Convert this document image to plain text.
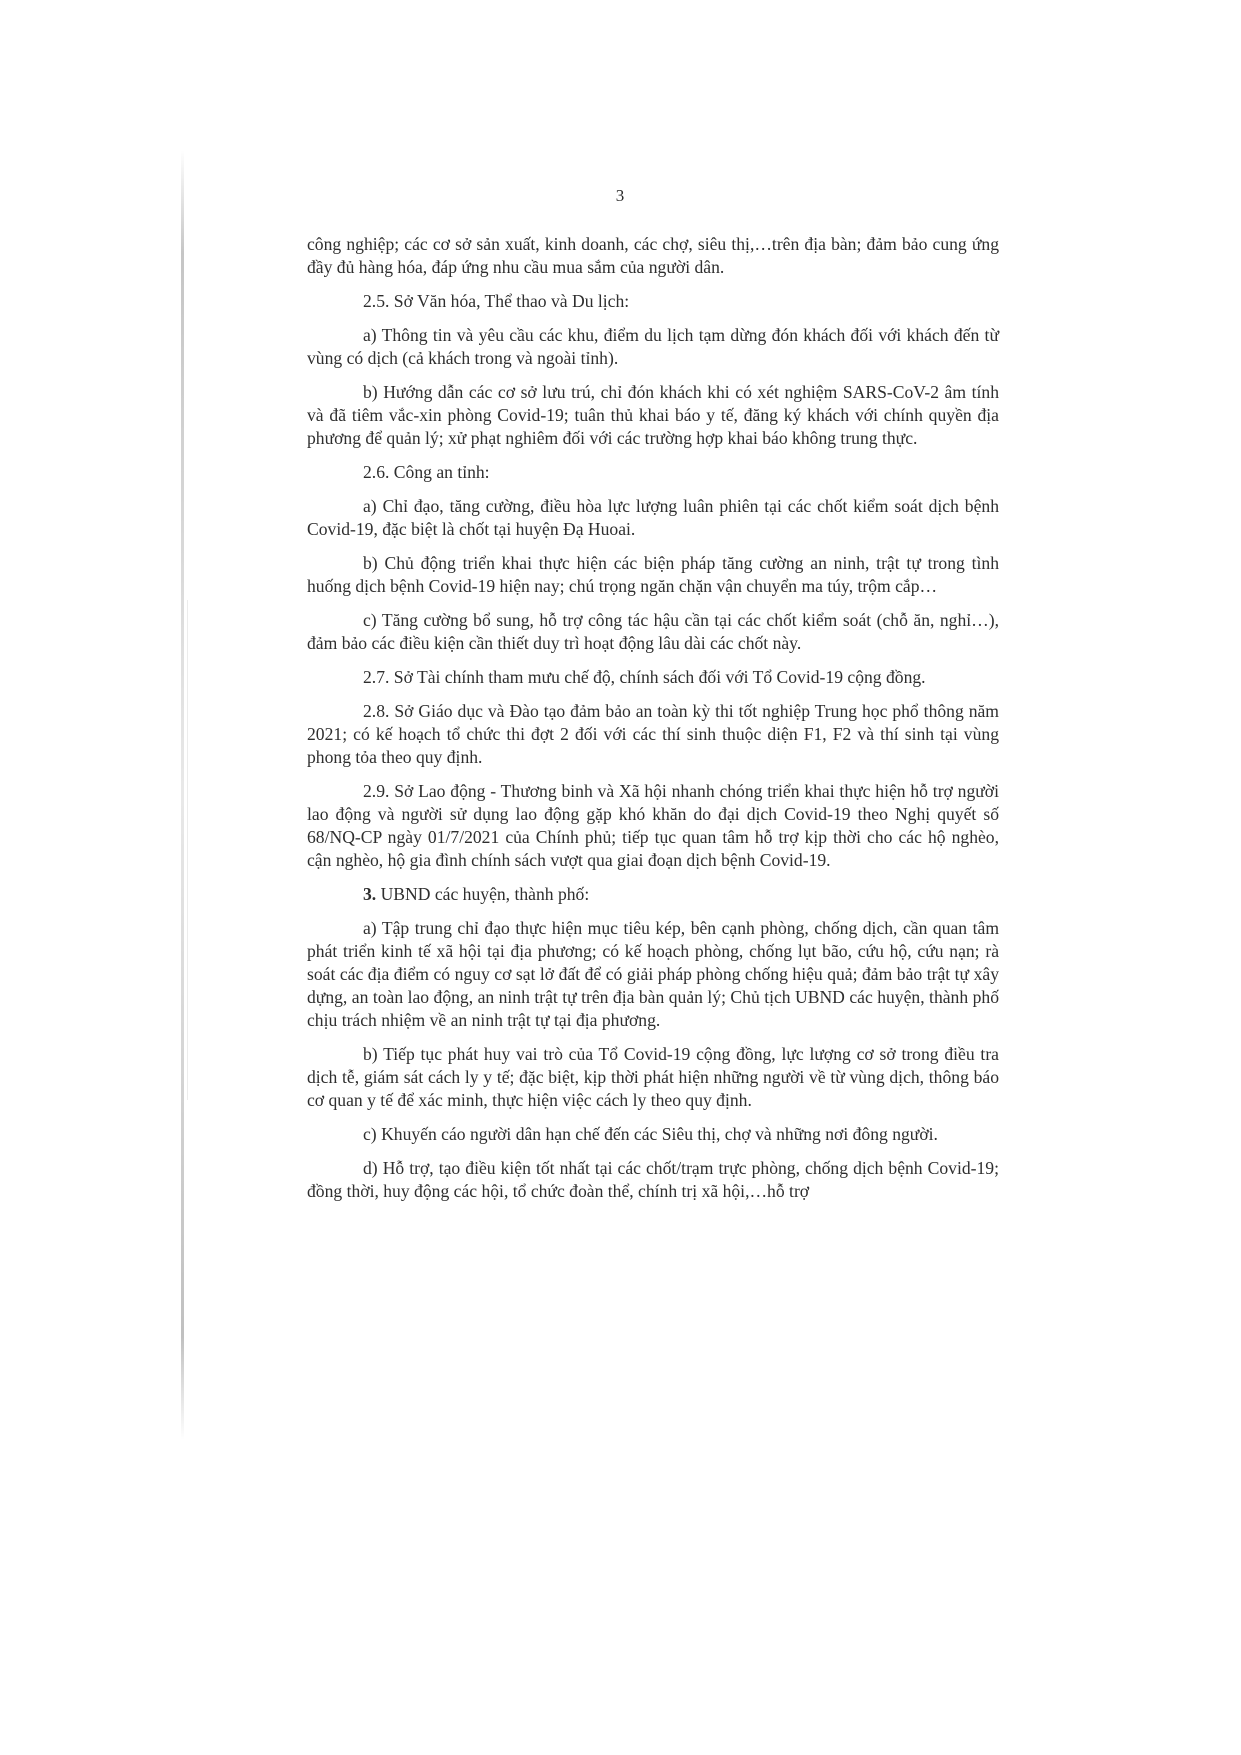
3

công nghiệp; các cơ sở sản xuất, kinh doanh, các chợ, siêu thị,…trên địa bàn; đảm bảo cung ứng đầy đủ hàng hóa, đáp ứng nhu cầu mua sắm của người dân.

2.5. Sở Văn hóa, Thể thao và Du lịch:

a) Thông tin và yêu cầu các khu, điểm du lịch tạm dừng đón khách đối với khách đến từ vùng có dịch (cả khách trong và ngoài tỉnh).

b) Hướng dẫn các cơ sở lưu trú, chỉ đón khách khi có xét nghiệm SARS-CoV-2 âm tính và đã tiêm vắc-xin phòng Covid-19; tuân thủ khai báo y tế, đăng ký khách với chính quyền địa phương để quản lý; xử phạt nghiêm đối với các trường hợp khai báo không trung thực.

2.6. Công an tỉnh:

a) Chỉ đạo, tăng cường, điều hòa lực lượng luân phiên tại các chốt kiểm soát dịch bệnh Covid-19, đặc biệt là chốt tại huyện Đạ Huoai.

b) Chủ động triển khai thực hiện các biện pháp tăng cường an ninh, trật tự trong tình huống dịch bệnh Covid-19 hiện nay; chú trọng ngăn chặn vận chuyển ma túy, trộm cắp…

c) Tăng cường bổ sung, hỗ trợ công tác hậu cần tại các chốt kiểm soát (chỗ ăn, nghỉ…), đảm bảo các điều kiện cần thiết duy trì hoạt động lâu dài các chốt này.

2.7. Sở Tài chính tham mưu chế độ, chính sách đối với Tổ Covid-19 cộng đồng.

2.8. Sở Giáo dục và Đào tạo đảm bảo an toàn kỳ thi tốt nghiệp Trung học phổ thông năm 2021; có kế hoạch tổ chức thi đợt 2 đối với các thí sinh thuộc diện F1, F2 và thí sinh tại vùng phong tỏa theo quy định.

2.9. Sở Lao động - Thương binh và Xã hội nhanh chóng triển khai thực hiện hỗ trợ người lao động và người sử dụng lao động gặp khó khăn do đại dịch Covid-19 theo Nghị quyết số 68/NQ-CP ngày 01/7/2021 của Chính phủ; tiếp tục quan tâm hỗ trợ kịp thời cho các hộ nghèo, cận nghèo, hộ gia đình chính sách vượt qua giai đoạn dịch bệnh Covid-19.

3. UBND các huyện, thành phố:

a) Tập trung chỉ đạo thực hiện mục tiêu kép, bên cạnh phòng, chống dịch, cần quan tâm phát triển kinh tế xã hội tại địa phương; có kế hoạch phòng, chống lụt bão, cứu hộ, cứu nạn; rà soát các địa điểm có nguy cơ sạt lở đất để có giải pháp phòng chống hiệu quả; đảm bảo trật tự xây dựng, an toàn lao động, an ninh trật tự trên địa bàn quản lý; Chủ tịch UBND các huyện, thành phố chịu trách nhiệm về an ninh trật tự tại địa phương.

b) Tiếp tục phát huy vai trò của Tổ Covid-19 cộng đồng, lực lượng cơ sở trong điều tra dịch tễ, giám sát cách ly y tế; đặc biệt, kịp thời phát hiện những người về từ vùng dịch, thông báo cơ quan y tế để xác minh, thực hiện việc cách ly theo quy định.

c) Khuyến cáo người dân hạn chế đến các Siêu thị, chợ và những nơi đông người.

d) Hỗ trợ, tạo điều kiện tốt nhất tại các chốt/trạm trực phòng, chống dịch bệnh Covid-19; đồng thời, huy động các hội, tổ chức đoàn thể, chính trị xã hội,…hỗ trợ
